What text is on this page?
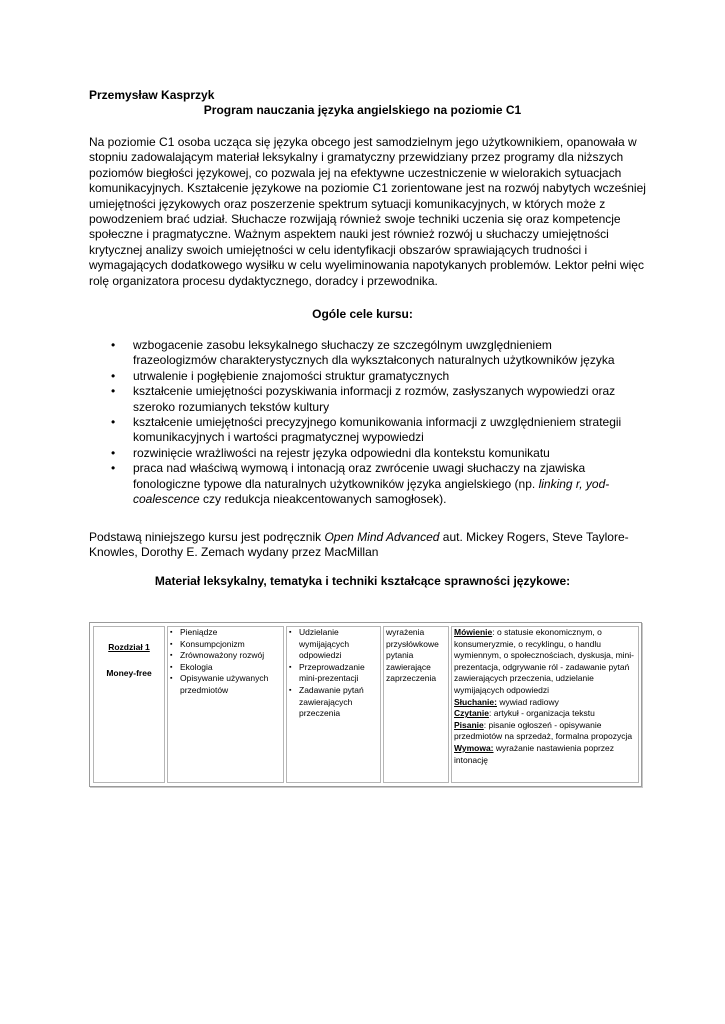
Przemysław Kasprzyk
Program nauczania języka angielskiego na poziomie C1

Na poziomie C1 osoba ucząca się języka obcego jest samodzielnym jego użytkownikiem, opanowała w stopniu zadowalającym materiał leksykalny i gramatyczny przewidziany przez programy dla niższych poziomów biegłości językowej, co pozwala jej na efektywne uczestniczenie w wielorakich sytuacjach komunikacyjnych. Kształcenie językowe na poziomie C1 zorientowane jest na rozwój nabytych wcześniej umiejętności językowych oraz poszerzenie spektrum sytuacji komunikacyjnych, w których może z powodzeniem brać udział. Słuchacze rozwijają również swoje techniki uczenia się oraz kompetencje społeczne i pragmatyczne. Ważnym aspektem nauki jest również rozwój u słuchaczy umiejętności krytycznej analizy swoich umiejętności w celu identyfikacji obszarów sprawiających trudności i wymagających dodatkowego wysiłku w celu wyeliminowania napotykanych problemów. Lektor pełni więc rolę organizatora procesu dydaktycznego, doradcy i przewodnika.

Ogóle cele kursu:
• wzbogacenie zasobu leksykalnego słuchaczy ze szczególnym uwzględnieniem frazeologizmów charakterystycznych dla wykształconych naturalnych użytkowników języka
• utrwalenie i pogłębienie znajomości struktur gramatycznych
• kształcenie umiejętności pozyskiwania informacji z rozmów, zasłyszanych wypowiedzi oraz szeroko rozumianych tekstów kultury
• kształcenie umiejętności precyzyjnego komunikowania informacji z uwzględnieniem strategii komunikacyjnych i wartości pragmatycznej wypowiedzi
• rozwinięcie wrażliwości na rejestr języka odpowiedni dla kontekstu komunikatu
• praca nad właściwą wymową i intonacją oraz zwrócenie uwagi słuchaczy na zjawiska fonologiczne typowe dla naturalnych użytkowników języka angielskiego (np. linking r, yod-coalescence czy redukcja nieakcentowanych samogłosek).
Podstawą niniejszego kursu jest podręcznik Open Mind Advanced aut. Mickey Rogers, Steve Taylore-Knowles, Dorothy E. Zemach wydany przez MacMillan
Materiał leksykalny, tematyka i techniki kształcące sprawności językowe:
Rozdział 1
Money-free
▪ Pieniądze
▪ Konsumpcjonizm
▪ Zrównoważony rozwój
▪ Ekologia
▪ Opisywanie używanych przedmiotów
▪ Udzielanie wymijających odpowiedzi
▪ Przeprowadzanie mini-prezentacji
▪ Zadawanie pytań zawierających przeczenia
wyrażenia przysłówkowe pytania zawierające zaprzeczenia
Mówienie: o statusie ekonomicznym, o konsumeryzmie, o recyklingu, o handlu wymiennym, o społecznościach, dyskusja, mini-prezentacja, odgrywanie ról - zadawanie pytań zawierających przeczenia, udzielanie wymijających odpowiedzi
Słuchanie: wywiad radiowy
Czytanie: artykuł - organizacja tekstu
Pisanie: pisanie ogłoszeń - opisywanie przedmiotów na sprzedaż, formalna propozycja
Wymowa: wyrażanie nastawienia poprzez intonację
